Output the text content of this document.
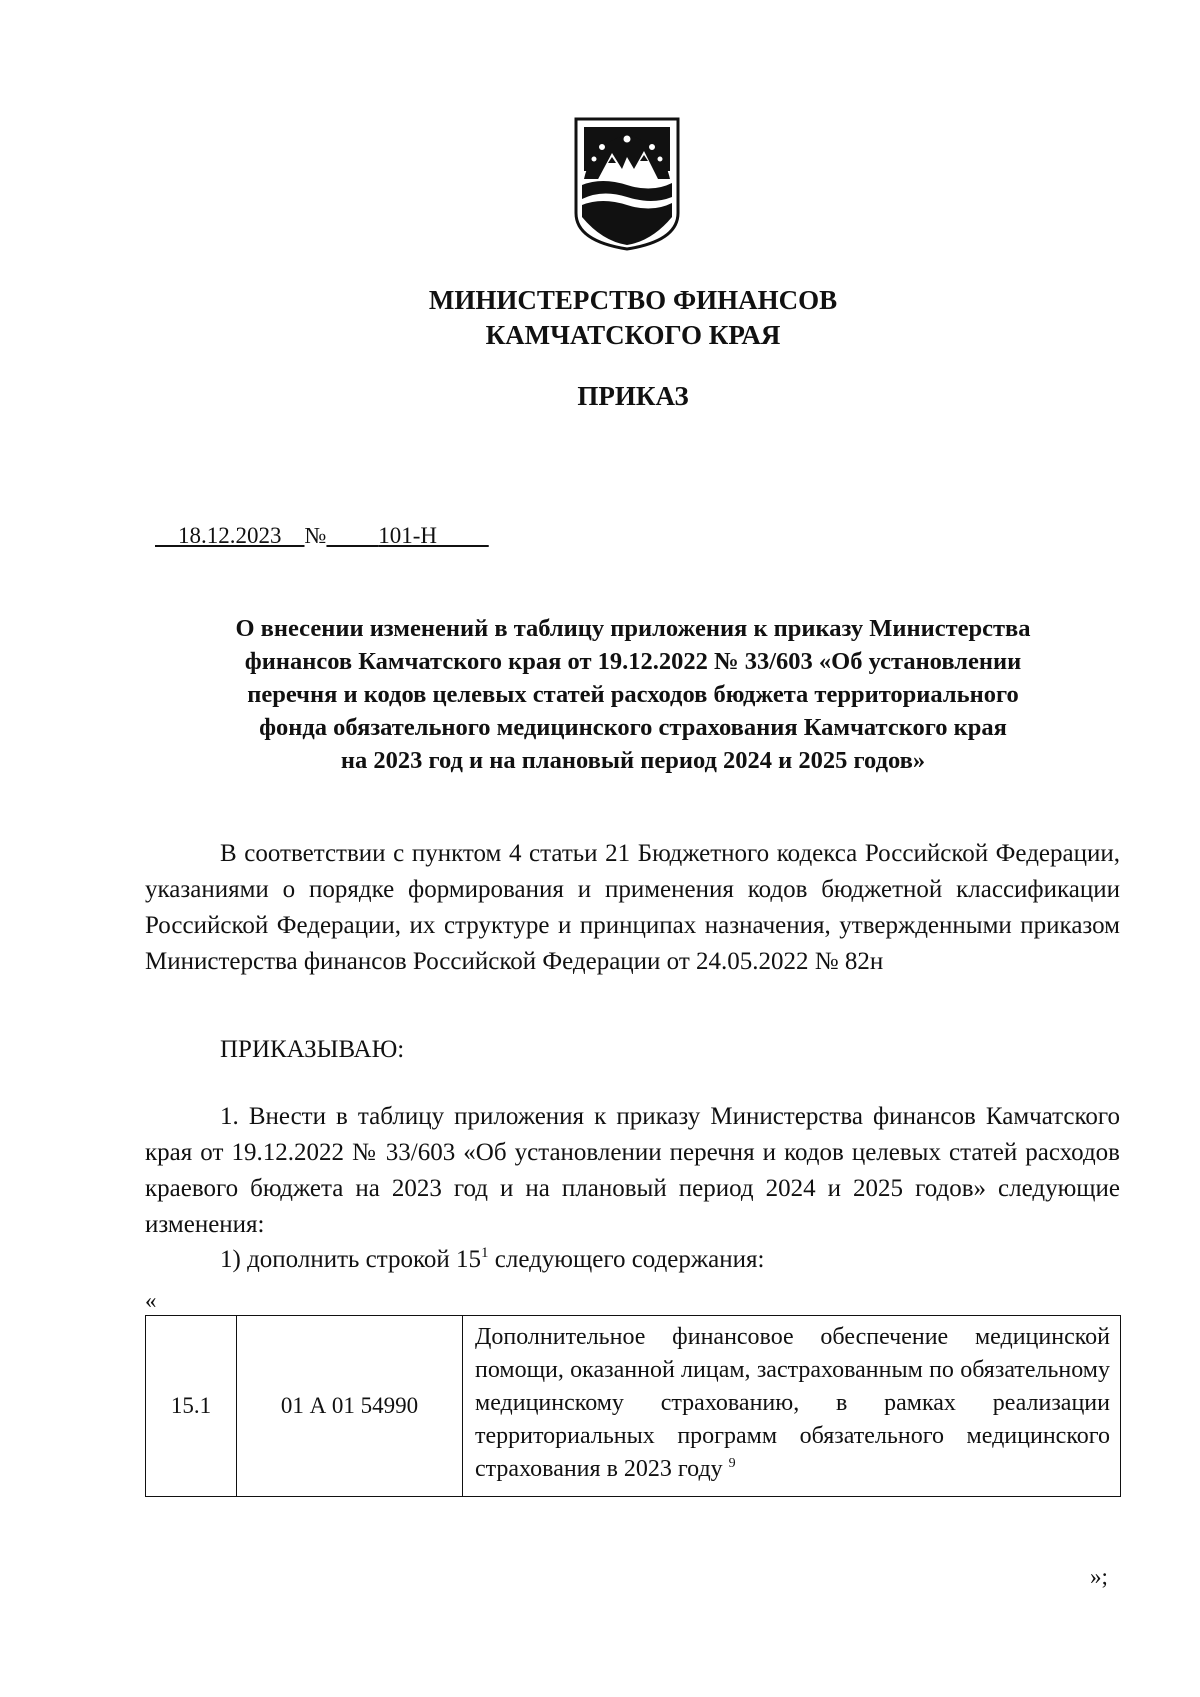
МИНИСТЕРСТВО ФИНАНСОВ
КАМЧАТСКОГО КРАЯ
ПРИКАЗ
18.12.2023 № 101-Н
О внесении изменений в таблицу приложения к приказу Министерства
финансов Камчатского края от 19.12.2022 № 33/603 «Об установлении
перечня и кодов целевых статей расходов бюджета территориального
фонда обязательного медицинского страхования Камчатского края
на 2023 год и на плановый период 2024 и 2025 годов»
В соответствии с пунктом 4 статьи 21 Бюджетного кодекса Российской Федерации, указаниями о порядке формирования и применения кодов бюджетной классификации Российской Федерации, их структуре и принципах назначения, утвержденными приказом Министерства финансов Российской Федерации от 24.05.2022 № 82н
ПРИКАЗЫВАЮ:
1. Внести в таблицу приложения к приказу Министерства финансов Камчатского края от 19.12.2022 № 33/603 «Об установлении перечня и кодов целевых статей расходов краевого бюджета на 2023 год и на плановый период 2024 и 2025 годов» следующие изменения:
1) дополнить строкой $15^1$ следующего содержания:
«
15.1	01 А 01 54990	Дополнительное финансовое обеспечение медицинской помощи, оказанной лицам, застрахованным по обязательному медицинскому страхованию, в рамках реализации территориальных программ обязательного медицинского страхования в 2023 году $^9$
»;
